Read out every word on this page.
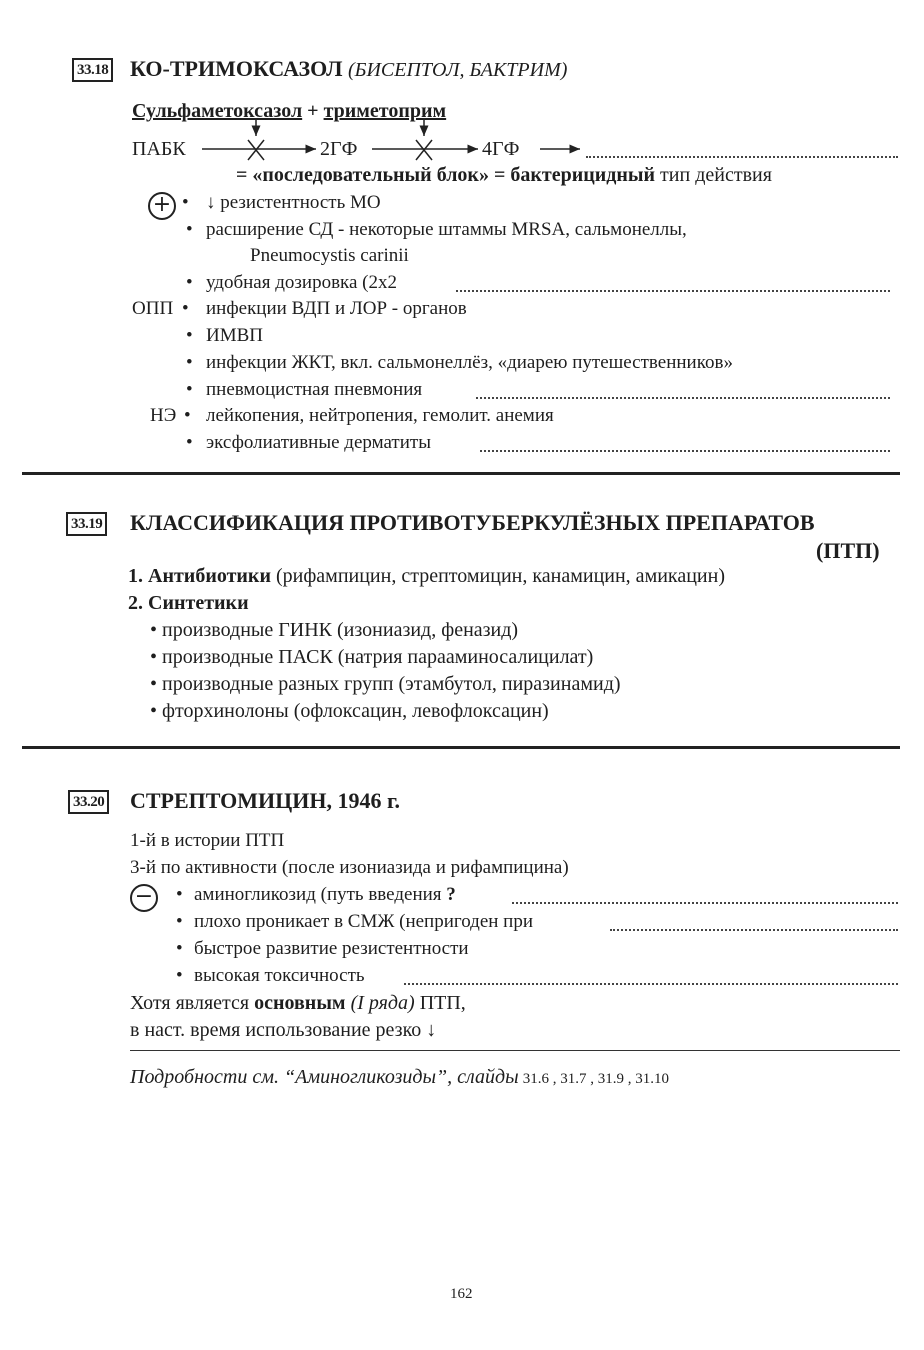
33.18 КО-ТРИМОКСАЗОЛ (БИСЕПТОЛ, БАКТРИМ)
Сульфаметоксазол + триметоприм
ПАБК	2ГФ	4ГФ
= «последовательный блок» = бактерицидный тип действия
+ • ↓ резистентность МО
• расширение СД - некоторые штаммы MRSA, сальмонеллы,
Pneumocystis carinii
• удобная дозировка (2х2
ОПП • инфекции ВДП и ЛОР - органов
• ИМВП
• инфекции ЖКТ, вкл. сальмонеллёз, «диарею путешественников»
• пневмоцистная пневмония
НЭ • лейкопения, нейтропения, гемолит. анемия
• эксфолиативные дерматиты
33.19 КЛАССИФИКАЦИЯ ПРОТИВОТУБЕРКУЛЁЗНЫХ ПРЕПАРАТОВ
(ПТП)
1. Антибиотики (рифампицин, стрептомицин, канамицин, амикацин)
2. Синтетики
• производные ГИНК (изониазид, феназид)
• производные ПАСК (натрия парааминосалицилат)
• производные разных групп (этамбутол, пиразинамид)
• фторхинолоны (офлоксацин, левофлоксацин)
33.20 СТРЕПТОМИЦИН, 1946 г.
1-й в истории ПТП
3-й по активности (после изониазида и рифампицина)
− • аминогликозид (путь введения ?
• плохо проникает в СМЖ (непригоден при
• быстрое развитие резистентности
• высокая токсичность
Хотя является основным (I ряда) ПТП,
в наст. время использование резко ↓
Подробности см. “Аминогликозиды”, слайды 31.6 , 31.7 , 31.9 , 31.10
162
